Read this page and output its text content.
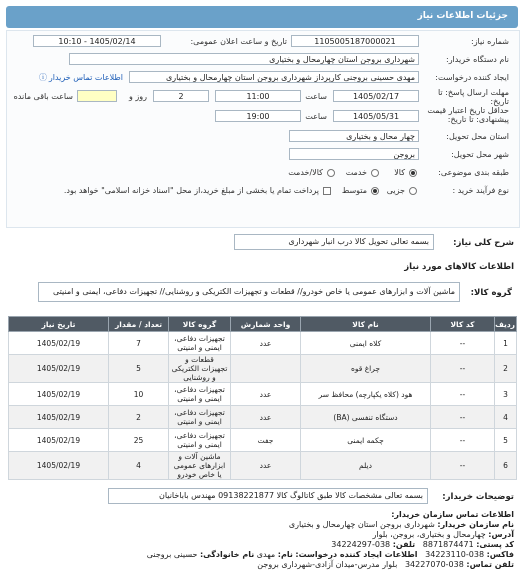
جزئیات اطلاعات نیاز
شماره نیاز:
1105005187000021
تاریخ و ساعت اعلان عمومی:
1405/02/14 - 10:10
نام دستگاه خریدار:
شهرداری بروجن استان چهارمحال و بختیاری
ایجاد کننده درخواست:
مهدی حسینی بروجنی کارپرداز شهرداری بروجن استان چهارمحال و بختیاری
اطلاعات تماس خریدار
ⓘ
مهلت ارسال پاسخ: تا تاریخ:
1405/02/17
ساعت
11:00
2
روز و
ساعت باقی مانده
حداقل تاریخ اعتبار قیمت پیشنهادی: تا تاریخ:
1405/05/31
ساعت
19:00
استان محل تحویل:
چهار محال و بختیاری
شهر محل تحویل:
بروجن
طبقه بندی موضوعی:
کالا
خدمت
کالا/خدمت
نوع فرآیند خرید :
جزیی
متوسط
پرداخت تمام یا بخشی از مبلغ خرید،از محل "اسناد خزانه اسلامی" خواهد بود.
شرح کلی نیاز:
بسمه تعالی تحویل کالا درب انبار شهرداری
اطلاعات کالاهای مورد نیاز
گروه کالا:
ماشین آلات و ابزارهای عمومی یا خاص خودرو// قطعات و تجهیزات الکتریکی و روشنایی// تجهیزات دفاعی، ایمنی و امنیتی
ردیف	کد کالا	نام کالا	واحد شمارش	گروه کالا	تعداد / مقدار	تاریخ نیاز
1	--	کلاه ایمنی	عدد	تجهیزات دفاعی، ایمنی و امنیتی	7	1405/02/19
2	--	چراغ قوه		قطعات و تجهیزات الکتریکی و روشنایی	5	1405/02/19
3	--	هود (کلاه یکپارچه) محافظ سر	عدد	تجهیزات دفاعی، ایمنی و امنیتی	10	1405/02/19
4	--	دستگاه تنفسی (BA)	عدد	تجهیزات دفاعی، ایمنی و امنیتی	2	1405/02/19
5	--	چکمه ایمنی	جفت	تجهیزات دفاعی، ایمنی و امنیتی	25	1405/02/19
6	--	دیلم	عدد	ماشین آلات و ابزارهای عمومی یا خاص خودرو	4	1405/02/19
توضیحات خریدار:
بسمه تعالی مشخصات کالا طبق کاتالوگ کالا 09138221877 مهندس باباخانیان
اطلاعات تماس سازمان خریدار:
نام سازمان خریدار: شهرداری بروجن استان چهارمحال و بختیاری
آدرس: چهارمحال و بختیاری، بروجن، بلوار
کد پستی: 8871874471   تلفن: 038-34224297
فاکس: 038-34223110   اطلاعات ایجاد کننده درخواست: نام: مهدی نام خانوادگی: حسینی بروجنی
تلفن تماس: 038-34227070   بلوار مدرس-میدان آزادی-شهرداری بروجن
